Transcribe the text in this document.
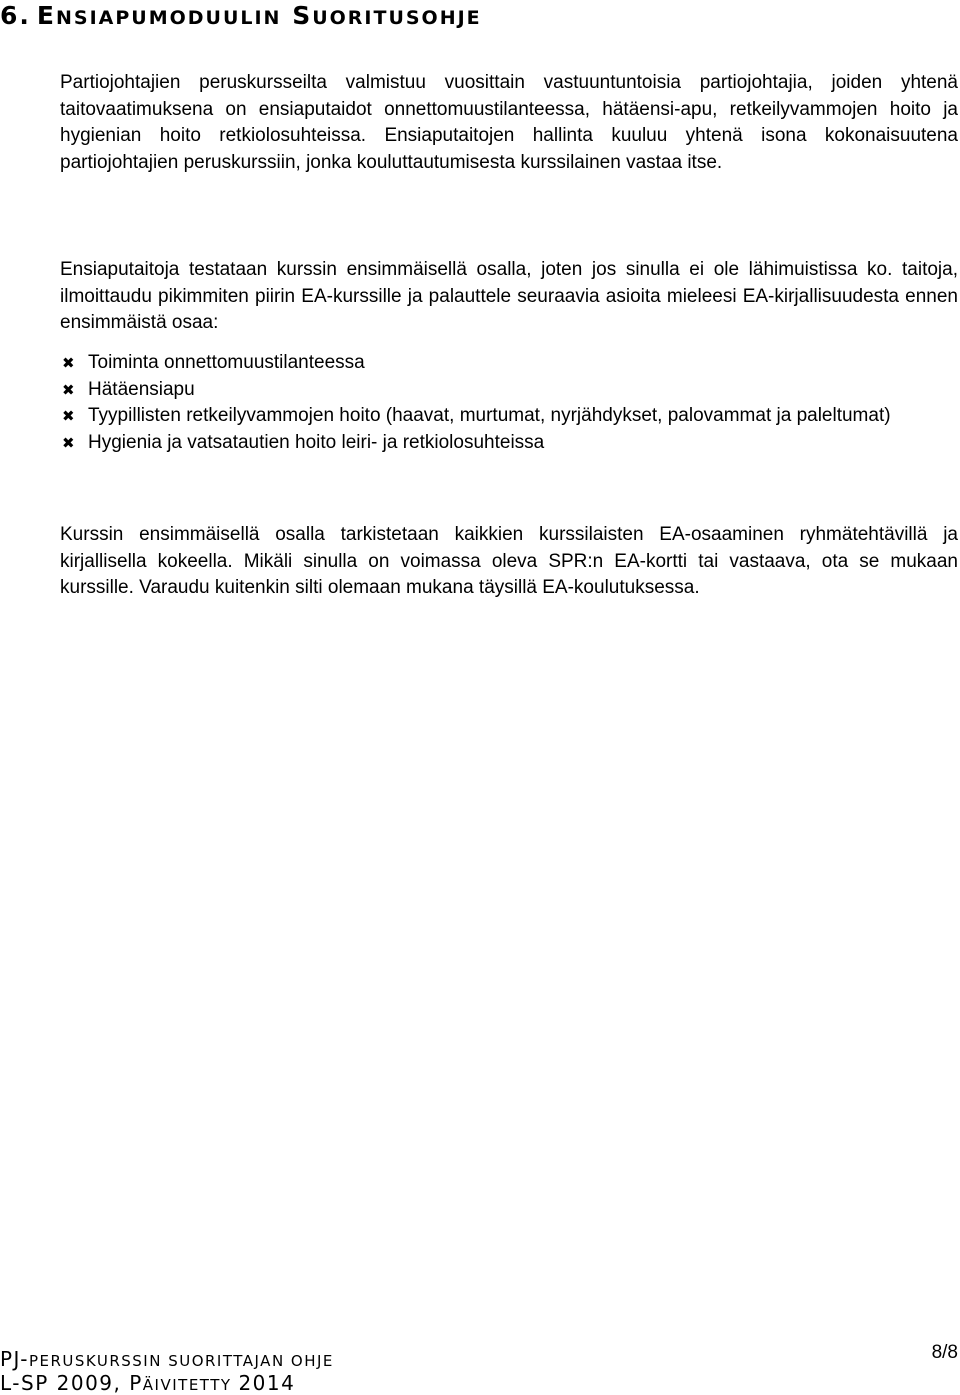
6. ENSIAPUMODUULIN SUORITUSOHJE

Partiojohtajien peruskursseilta valmistuu vuosittain vastuuntuntoisia partiojohtajia, joiden yhtenä taitovaatimuksena on ensiaputaidot onnettomuustilanteessa, hätäensi-apu, retkeilyvammojen hoito ja hygienian hoito retkiolosuhteissa. Ensiaputaitojen hallinta kuuluu yhtenä isona kokonaisuutena partiojohtajien peruskurssiin, jonka kouluttautumisesta kurssilainen vastaa itse.

Ensiaputaitoja testataan kurssin ensimmäisellä osalla, joten jos sinulla ei ole lähimuistissa ko. taitoja, ilmoittaudu pikimmiten piirin EA-kurssille ja palauttele seuraavia asioita mieleesi EA-kirjallisuudesta ennen ensimmäistä osaa:

✖ Toiminta onnettomuustilanteessa
✖ Hätäensiapu
✖ Tyypillisten retkeilyvammojen hoito (haavat, murtumat, nyrjähdykset, palovammat ja paleltumat)
✖ Hygienia ja vatsatautien hoito leiri- ja retkiolosuhteissa

Kurssin ensimmäisellä osalla tarkistetaan kaikkien kurssilaisten EA-osaaminen ryhmätehtävillä ja kirjallisella kokeella. Mikäli sinulla on voimassa oleva SPR:n EA-kortti tai vastaava, ota se mukaan kurssille. Varaudu kuitenkin silti olemaan mukana täysillä EA-koulutuksessa.

PJ-PERUSKURSSIN SUORITTAJAN OHJE
L-SP 2009, PÄIVITETTY 2014
8/8
